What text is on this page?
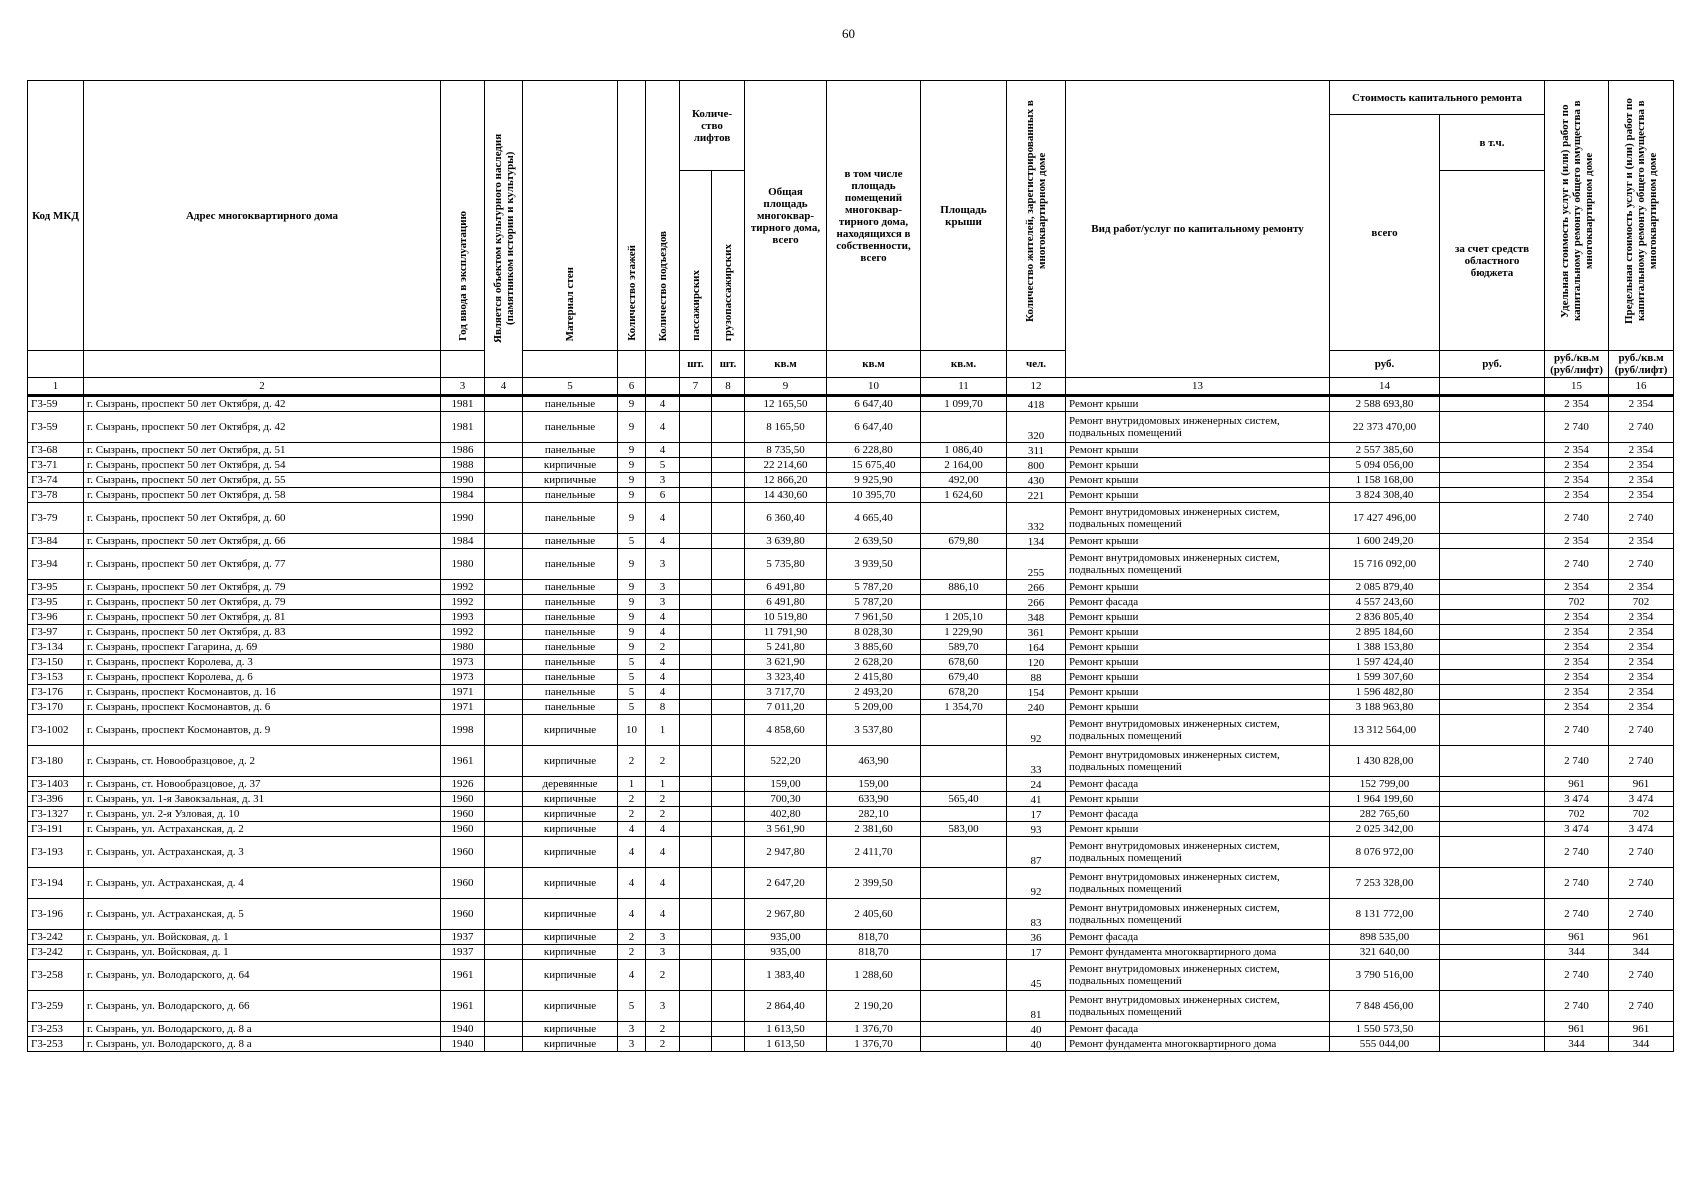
60
Код МКД	Адрес многоквартирного дома	Год ввода в эксплуатацию	Является объектом культурного наследия (памятником истории и культуры)	Материал стен	Количество этажей	Количество подъездов	Количе-ство лифтов		Общая площадь многоквар-тирного дома, всего	в том числе площадь помещений многоквар-тирного дома, находящихся в собственности, всего	Площадь крыши	Количество жителей, зарегистрированных в многоквартирном доме	Вид работ/услуг по капитальному ремонту	Стоимость капитального ремонта		Удельная стоимость услуг и (или) работ по капитальному ремонту общего имущества в многоквартирном доме	Предельная стоимость услуг и (или) работ по капитальному ремонту общего имущества в многоквартирном доме
														всего	в т.ч.		
							пассажирских	грузопассажирских							за счет средств областного бюджета		
							шт.	шт.	кв.м	кв.м	кв.м.	чел.		руб.	руб.	руб./кв.м (руб/лифт)	руб./кв.м (руб/лифт)
1	2	3	4	5	6		7	8	9	10	11	12	13	14		15	16
Г3-59	г. Сызрань, проспект 50 лет Октября, д. 42	1981		панельные	9	4			12 165,50	6 647,40	1 099,70	418	Ремонт крыши	2 588 693,80		2 354	2 354
Г3-59	г. Сызрань, проспект 50 лет Октября, д. 42	1981		панельные	9	4			8 165,50	6 647,40		320	Ремонт внутридомовых инженерных систем, подвальных помещений	22 373 470,00		2 740	2 740
Г3-68	г. Сызрань, проспект 50 лет Октября, д. 51	1986		панельные	9	4			8 735,50	6 228,80	1 086,40	311	Ремонт крыши	2 557 385,60		2 354	2 354
Г3-71	г. Сызрань, проспект 50 лет Октября, д. 54	1988		кирпичные	9	5			22 214,60	15 675,40	2 164,00	800	Ремонт крыши	5 094 056,00		2 354	2 354
Г3-74	г. Сызрань, проспект 50 лет Октября, д. 55	1990		кирпичные	9	3			12 866,20	9 925,90	492,00	430	Ремонт крыши	1 158 168,00		2 354	2 354
Г3-78	г. Сызрань, проспект 50 лет Октября, д. 58	1984		панельные	9	6			14 430,60	10 395,70	1 624,60	221	Ремонт крыши	3 824 308,40		2 354	2 354
Г3-79	г. Сызрань, проспект 50 лет Октября, д. 60	1990		панельные	9	4			6 360,40	4 665,40		332	Ремонт внутридомовых инженерных систем, подвальных помещений	17 427 496,00		2 740	2 740
Г3-84	г. Сызрань, проспект 50 лет Октября, д. 66	1984		панельные	5	4			3 639,80	2 639,50	679,80	134	Ремонт крыши	1 600 249,20		2 354	2 354
Г3-94	г. Сызрань, проспект 50 лет Октября, д. 77	1980		панельные	9	3			5 735,80	3 939,50		255	Ремонт внутридомовых инженерных систем, подвальных помещений	15 716 092,00		2 740	2 740
Г3-95	г. Сызрань, проспект 50 лет Октября, д. 79	1992		панельные	9	3			6 491,80	5 787,20	886,10	266	Ремонт крыши	2 085 879,40		2 354	2 354
Г3-95	г. Сызрань, проспект 50 лет Октября, д. 79	1992		панельные	9	3			6 491,80	5 787,20		266	Ремонт фасада	4 557 243,60		702	702
Г3-96	г. Сызрань, проспект 50 лет Октября, д. 81	1993		панельные	9	4			10 519,80	7 961,50	1 205,10	348	Ремонт крыши	2 836 805,40		2 354	2 354
Г3-97	г. Сызрань, проспект 50 лет Октября, д. 83	1992		панельные	9	4			11 791,90	8 028,30	1 229,90	361	Ремонт крыши	2 895 184,60		2 354	2 354
Г3-134	г. Сызрань, проспект Гагарина, д. 69	1980		панельные	9	2			5 241,80	3 885,60	589,70	164	Ремонт крыши	1 388 153,80		2 354	2 354
Г3-150	г. Сызрань, проспект Королева, д. 3	1973		панельные	5	4			3 621,90	2 628,20	678,60	120	Ремонт крыши	1 597 424,40		2 354	2 354
Г3-153	г. Сызрань, проспект Королева, д. 6	1973		панельные	5	4			3 323,40	2 415,80	679,40	88	Ремонт крыши	1 599 307,60		2 354	2 354
Г3-176	г. Сызрань, проспект Космонавтов, д. 16	1971		панельные	5	4			3 717,70	2 493,20	678,20	154	Ремонт крыши	1 596 482,80		2 354	2 354
Г3-170	г. Сызрань, проспект Космонавтов, д. 6	1971		панельные	5	8			7 011,20	5 209,00	1 354,70	240	Ремонт крыши	3 188 963,80		2 354	2 354
Г3-1002	г. Сызрань, проспект Космонавтов, д. 9	1998		кирпичные	10	1			4 858,60	3 537,80		92	Ремонт внутридомовых инженерных систем, подвальных помещений	13 312 564,00		2 740	2 740
Г3-180	г. Сызрань, ст. Новообразцовое, д. 2	1961		кирпичные	2	2			522,20	463,90		33	Ремонт внутридомовых инженерных систем, подвальных помещений	1 430 828,00		2 740	2 740
Г3-1403	г. Сызрань, ст. Новообразцовое, д. 37	1926		деревянные	1	1			159,00	159,00		24	Ремонт фасада	152 799,00		961	961
Г3-396	г. Сызрань, ул. 1-я Завокзальная, д. 31	1960		кирпичные	2	2			700,30	633,90	565,40	41	Ремонт крыши	1 964 199,60		3 474	3 474
Г3-1327	г. Сызрань, ул. 2-я Узловая, д. 10	1960		кирпичные	2	2			402,80	282,10		17	Ремонт фасада	282 765,60		702	702
Г3-191	г. Сызрань, ул. Астраханская, д. 2	1960		кирпичные	4	4			3 561,90	2 381,60	583,00	93	Ремонт крыши	2 025 342,00		3 474	3 474
Г3-193	г. Сызрань, ул. Астраханская, д. 3	1960		кирпичные	4	4			2 947,80	2 411,70		87	Ремонт внутридомовых инженерных систем, подвальных помещений	8 076 972,00		2 740	2 740
Г3-194	г. Сызрань, ул. Астраханская, д. 4	1960		кирпичные	4	4			2 647,20	2 399,50		92	Ремонт внутридомовых инженерных систем, подвальных помещений	7 253 328,00		2 740	2 740
Г3-196	г. Сызрань, ул. Астраханская, д. 5	1960		кирпичные	4	4			2 967,80	2 405,60		83	Ремонт внутридомовых инженерных систем, подвальных помещений	8 131 772,00		2 740	2 740
Г3-242	г. Сызрань, ул. Войсковая, д. 1	1937		кирпичные	2	3			935,00	818,70		36	Ремонт фасада	898 535,00		961	961
Г3-242	г. Сызрань, ул. Войсковая, д. 1	1937		кирпичные	2	3			935,00	818,70		17	Ремонт фундамента многоквартирного дома	321 640,00		344	344
Г3-258	г. Сызрань, ул. Володарского, д. 64	1961		кирпичные	4	2			1 383,40	1 288,60		45	Ремонт внутридомовых инженерных систем, подвальных помещений	3 790 516,00		2 740	2 740
Г3-259	г. Сызрань, ул. Володарского, д. 66	1961		кирпичные	5	3			2 864,40	2 190,20		81	Ремонт внутридомовых инженерных систем, подвальных помещений	7 848 456,00		2 740	2 740
Г3-253	г. Сызрань, ул. Володарского, д. 8 а	1940		кирпичные	3	2			1 613,50	1 376,70		40	Ремонт фасада	1 550 573,50		961	961
Г3-253	г. Сызрань, ул. Володарского, д. 8 а	1940		кирпичные	3	2			1 613,50	1 376,70		40	Ремонт фундамента многоквартирного дома	555 044,00		344	344
